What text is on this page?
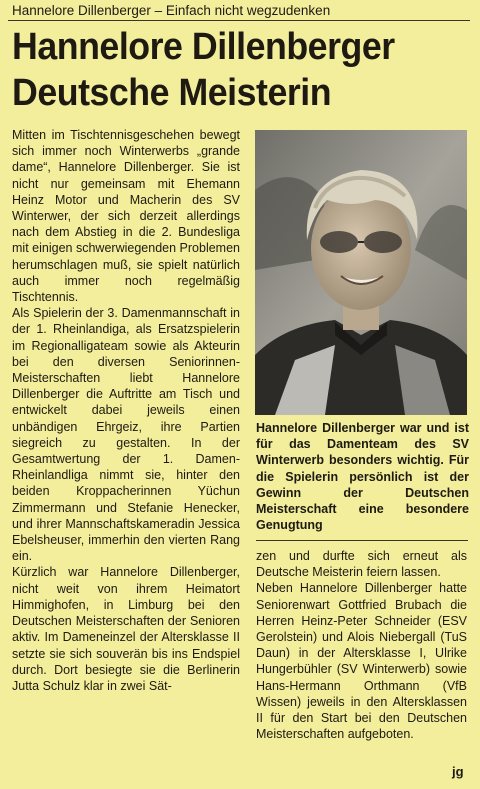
Hannelore Dillenberger – Einfach nicht wegzudenken
Hannelore Dillenberger
Deutsche Meisterin

Mitten im Tischtennisgeschehen bewegt sich immer noch Winterwerbs „grande dame“, Hannelore Dillenberger. Sie ist nicht nur gemeinsam mit Ehemann Heinz Motor und Macherin des SV Winterwer, der sich derzeit allerdings nach dem Abstieg in die 2. Bundesliga mit einigen schwerwiegenden Problemen herumschlagen muß, sie spielt natürlich auch immer noch regelmäßig Tischtennis.

Als Spielerin der 3. Damenmannschaft in der 1. Rheinlandiga, als Ersatzspielerin im Regionalligateam sowie als Akteurin bei den diversen Seniorinnen-Meisterschaften liebt Hannelore Dillenberger die Auftritte am Tisch und entwickelt dabei jeweils einen unbändigen Ehrgeiz, ihre Partien siegreich zu gestalten. In der Gesamtwertung der 1. Damen-Rheinlandliga nimmt sie, hinter den beiden Kroppacherinnen Yüchun Zimmermann und Stefanie Henecker, und ihrer Mannschaftskameradin Jessica Ebelsheuser, immerhin den vierten Rang ein.

Kürzlich war Hannelore Dillenberger, nicht weit von ihrem Heimatort Himmighofen, in Limburg bei den Deutschen Meisterschaften der Senioren aktiv. Im Dameneinzel der Altersklasse II setzte sie sich souverän bis ins Endspiel durch. Dort besiegte sie die Berlinerin Jutta Schulz klar in zwei Sät-

Hannelore Dillenberger war und ist für das Damenteam des SV Winterwerb besonders wichtig. Für die Spielerin persönlich ist der Gewinn der Deutschen Meisterschaft eine besondere Genugtung

zen und durfte sich erneut als Deutsche Meisterin feiern lassen.

Neben Hannelore Dillenberger hatte Seniorenwart Gottfried Brubach die Herren Heinz-Peter Schneider (ESV Gerolstein) und Alois Niebergall (TuS Daun) in der Altersklasse I, Ulrike Hungerbühler (SV Winterwerb) sowie Hans-Hermann Orthmann (VfB Wissen) jeweils in den Altersklassen II für den Start bei den Deutschen Meisterschaften aufgeboten.

jg
